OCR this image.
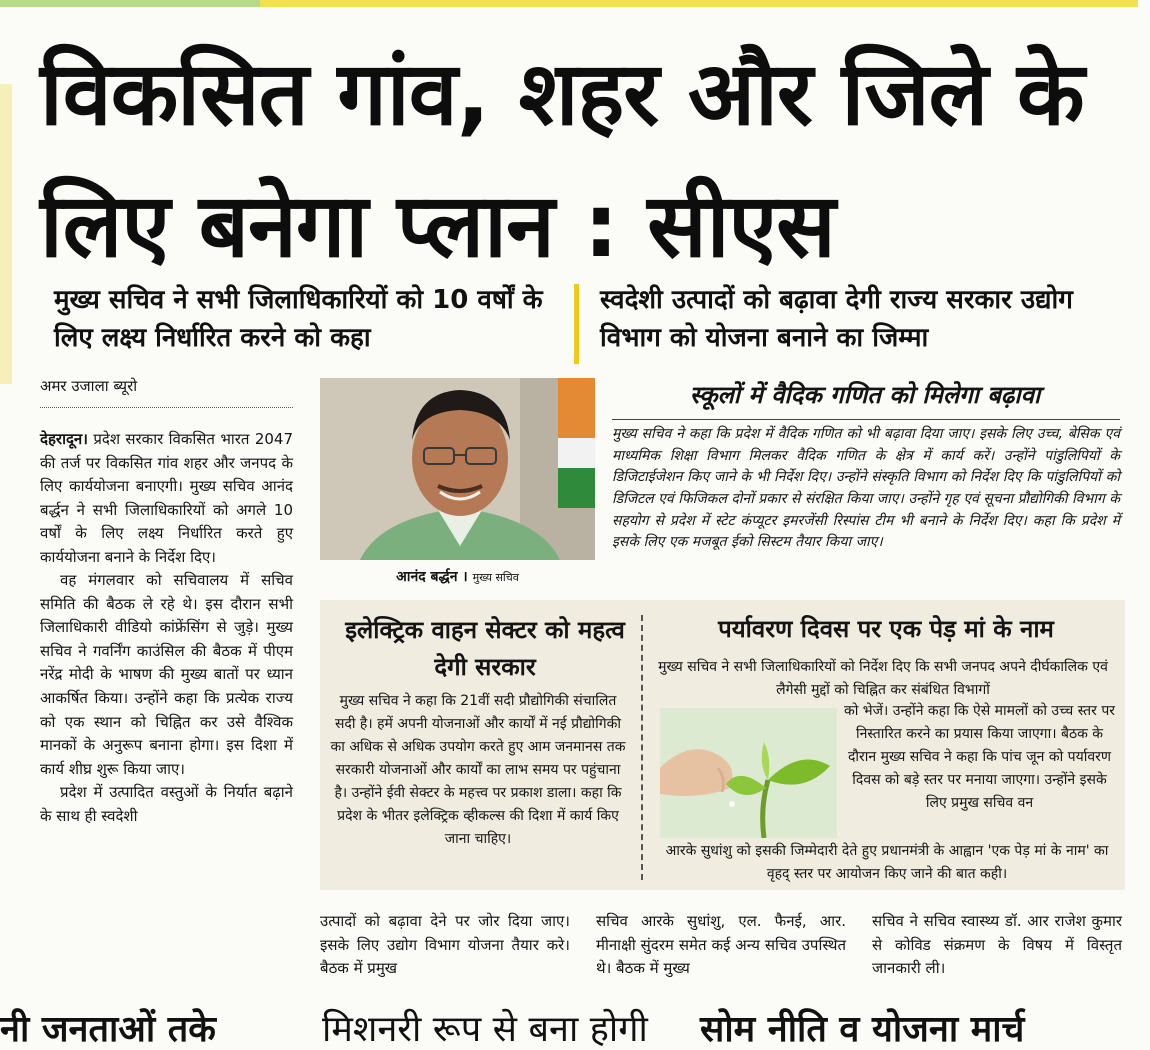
विकसित गांव, शहर और जिले के लिए बनेगा प्लान : सीएस

मुख्य सचिव ने सभी जिलाधिकारियों को 10 वर्षों के लिए लक्ष्य निर्धारित करने को कहा

स्वदेशी उत्पादों को बढ़ावा देगी राज्य सरकार उद्योग विभाग को योजना बनाने का जिम्मा

अमर उजाला ब्यूरो

देहरादून। प्रदेश सरकार विकसित भारत 2047 की तर्ज पर विकसित गांव शहर और जनपद के लिए कार्ययोजना बनाएगी। मुख्य सचिव आनंद बर्द्धन ने सभी जिलाधिकारियों को अगले 10 वर्षों के लिए लक्ष्य निर्धारित करते हुए कार्ययोजना बनाने के निर्देश दिए।

वह मंगलवार को सचिवालय में सचिव समिति की बैठक ले रहे थे। इस दौरान सभी जिलाधिकारी वीडियो कांफ्रेंसिंग से जुड़े। मुख्य सचिव ने गवर्निंग काउंसिल की बैठक में पीएम नरेंद्र मोदी के भाषण की मुख्य बातों पर ध्यान आकर्षित किया। उन्होंने कहा कि प्रत्येक राज्य को एक स्थान को चिह्नित कर उसे वैश्विक मानकों के अनुरूप बनाना होगा। इस दिशा में कार्य शीघ्र शुरू किया जाए।

प्रदेश में उत्पादित वस्तुओं के निर्यात बढ़ाने के साथ ही स्वदेशी

आनंद बर्द्धन । मुख्य सचिव
स्कूलों में वैदिक गणित को मिलेगा बढ़ावा

मुख्य सचिव ने कहा कि प्रदेश में वैदिक गणित को भी बढ़ावा दिया जाए। इसके लिए उच्च, बेसिक एवं माध्यमिक शिक्षा विभाग मिलकर वैदिक गणित के क्षेत्र में कार्य करें। उन्होंने पांडुलिपियों के डिजिटाईजेशन किए जाने के भी निर्देश दिए। उन्होंने संस्कृति विभाग को निर्देश दिए कि पांडुलिपियों को डिजिटल एवं फिजिकल दोनों प्रकार से संरक्षित किया जाए। उन्होंने गृह एवं सूचना प्रौद्योगिकी विभाग के सहयोग से प्रदेश में स्टेट कंप्यूटर इमरजेंसी रिस्पांस टीम भी बनाने के निर्देश दिए। कहा कि प्रदेश में इसके लिए एक मजबूत ईको सिस्टम तैयार किया जाए।

इलेक्ट्रिक वाहन सेक्टर को महत्व देगी सरकार

मुख्य सचिव ने कहा कि 21वीं सदी प्रौद्योगिकी संचालित सदी है। हमें अपनी योजनाओं और कार्यों में नई प्रौद्योगिकी का अधिक से अधिक उपयोग करते हुए आम जनमानस तक सरकारी योजनाओं और कार्यों का लाभ समय पर पहुंचाना है। उन्होंने ईवी सेक्टर के महत्त्व पर प्रकाश डाला। कहा कि प्रदेश के भीतर इलेक्ट्रिक व्हीकल्स की दिशा में कार्य किए जाना चाहिए।

पर्यावरण दिवस पर एक पेड़ मां के नाम

मुख्य सचिव ने सभी जिलाधिकारियों को निर्देश दिए कि सभी जनपद अपने दीर्घकालिक एवं लैगेसी मुद्दों को चिह्नित कर संबंधित विभागों

को भेजें। उन्होंने कहा कि ऐसे मामलों को उच्च स्तर पर निस्तारित करने का प्रयास किया जाएगा। बैठक के दौरान मुख्य सचिव ने कहा कि पांच जून को पर्यावरण दिवस को बड़े स्तर पर मनाया जाएगा। उन्होंने इसके लिए प्रमुख सचिव वन

आरके सुधांशु को इसकी जिम्मेदारी देते हुए प्रधानमंत्री के आह्वान 'एक पेड़ मां के नाम' का वृहद् स्तर पर आयोजन किए जाने की बात कही।

उत्पादों को बढ़ावा देने पर जोर दिया जाए। इसके लिए उद्योग विभाग योजना तैयार करे। बैठक में प्रमुख

सचिव आरके सुधांशु, एल. फैनई, आर. मीनाक्षी सुंदरम समेत कई अन्य सचिव उपस्थित थे। बैठक में मुख्य

सचिव ने सचिव स्वास्थ्य डॉ. आर राजेश कुमार से कोविड संक्रमण के विषय में विस्तृत जानकारी ली।

नी जनताओं तके	मिशनरी रूप से बना होगी सोम नीति व योजना मार्च
